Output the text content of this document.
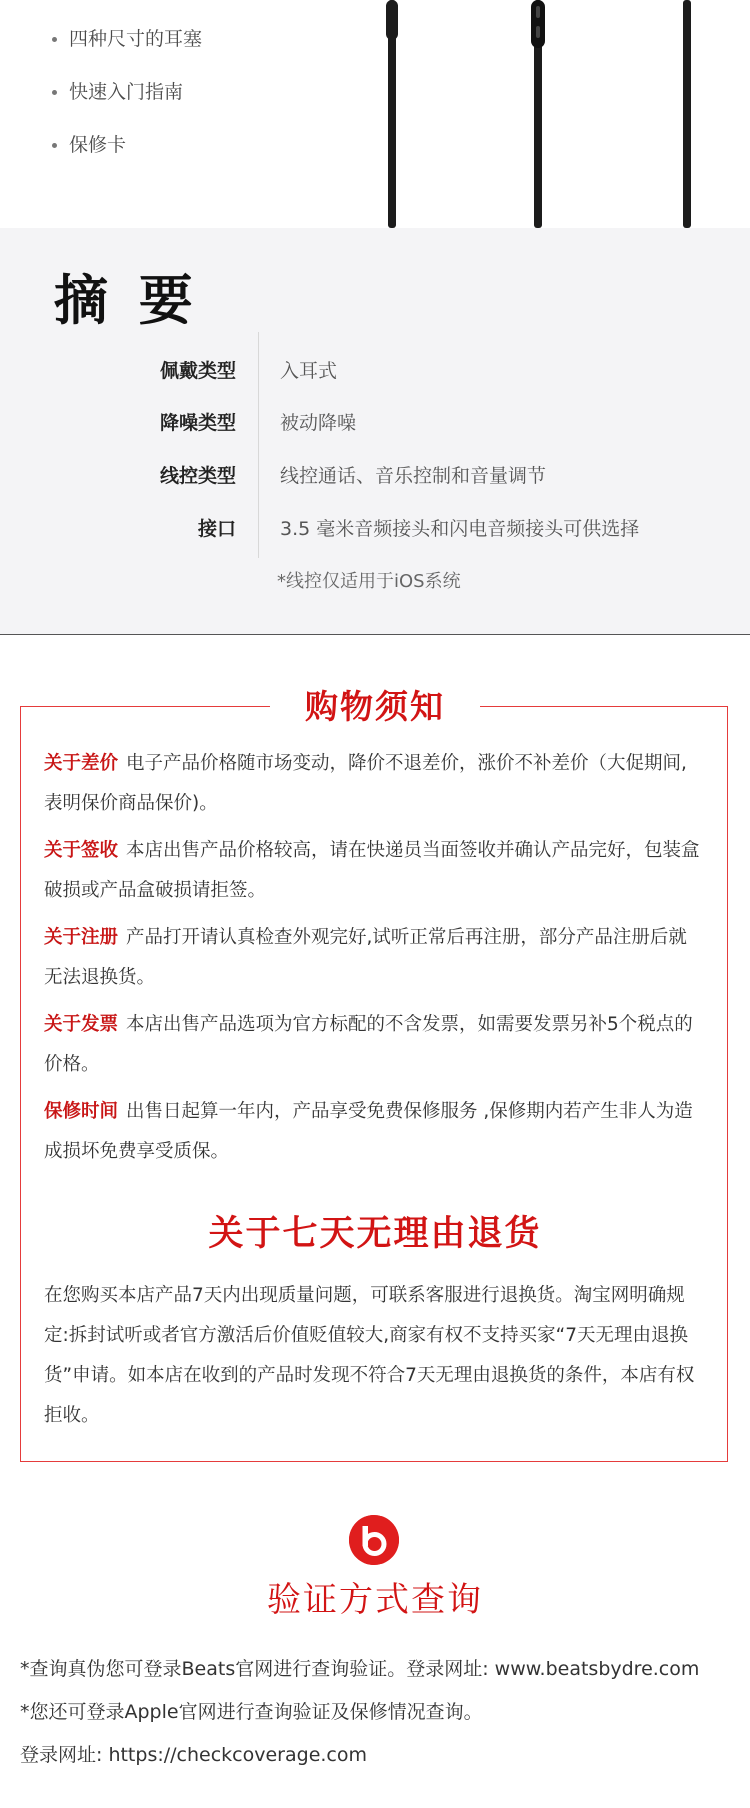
四种尺寸的耳塞
快速入门指南
保修卡
摘 要
佩戴类型 入耳式
降噪类型 被动降噪
线控类型 线控通话、音乐控制和音量调节
接口 3.5 毫米音频接头和闪电音频接头可供选择
*线控仅适用于iOS系统
购物须知
关于差价 电子产品价格随市场变动，降价不退差价，涨价不补差价（大促期间,表明保价商品保价)。
关于签收 本店出售产品价格较高，请在快递员当面签收并确认产品完好，包装盒破损或产品盒破损请拒签。
关于注册 产品打开请认真检查外观完好,试听正常后再注册，部分产品注册后就无法退换货。
关于发票 本店出售产品选项为官方标配的不含发票，如需要发票另补5个税点的价格。
保修时间 出售日起算一年内，产品享受免费保修服务 ,保修期内若产生非人为造成损坏免费享受质保。
关于七天无理由退货
在您购买本店产品7天内出现质量问题，可联系客服进行退换货。淘宝网明确规定:拆封试听或者官方激活后价值贬值较大,商家有权不支持买家“7天无理由退换货”申请。如本店在收到的产品时发现不符合7天无理由退换货的条件，本店有权拒收。
验证方式查询
*查询真伪您可登录Beats官网进行查询验证。登录网址: www.beatsbydre.com
*您还可登录Apple官网进行查询验证及保修情况查询。
登录网址: https://checkcoverage.com
